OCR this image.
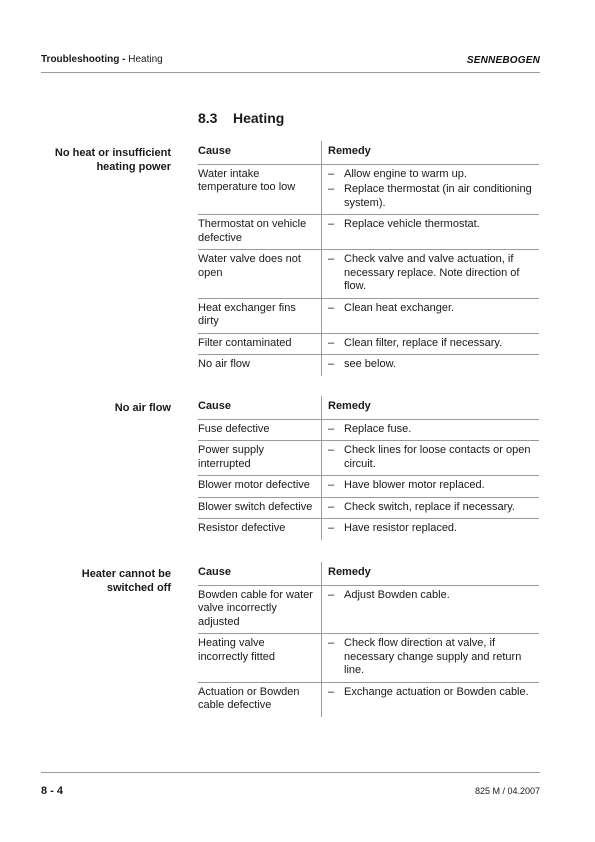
Troubleshooting - Heating	SENNEBOGEN
8.3 Heating
No heat or insufficient
heating power
Cause	Remedy
Water intake temperature too low	– Allow engine to warm up.
– Replace thermostat (in air conditioning system).

Thermostat on vehicle defective	– Replace vehicle thermostat.

Water valve does not open	– Check valve and valve actuation, if necessary replace. Note direction of flow.

Heat exchanger fins dirty	– Clean heat exchanger.

Filter contaminated	– Clean filter, replace if necessary.

No air flow	– see below.
No air flow Cause	Remedy
Fuse defective	– Replace fuse.

Power supply interrupted	– Check lines for loose contacts or open circuit.

Blower motor defective	– Have blower motor replaced.

Blower switch defective	– Check switch, replace if necessary.

Resistor defective	– Have resistor replaced.
Heater cannot be
switched off
Cause	Remedy
Bowden cable for water valve incorrectly adjusted	– Adjust Bowden cable.

Heating valve incorrectly fitted	– Check flow direction at valve, if necessary change supply and return line.

Actuation or Bowden cable defective	– Exchange actuation or Bowden cable.
8 - 4	825 M / 04.2007
